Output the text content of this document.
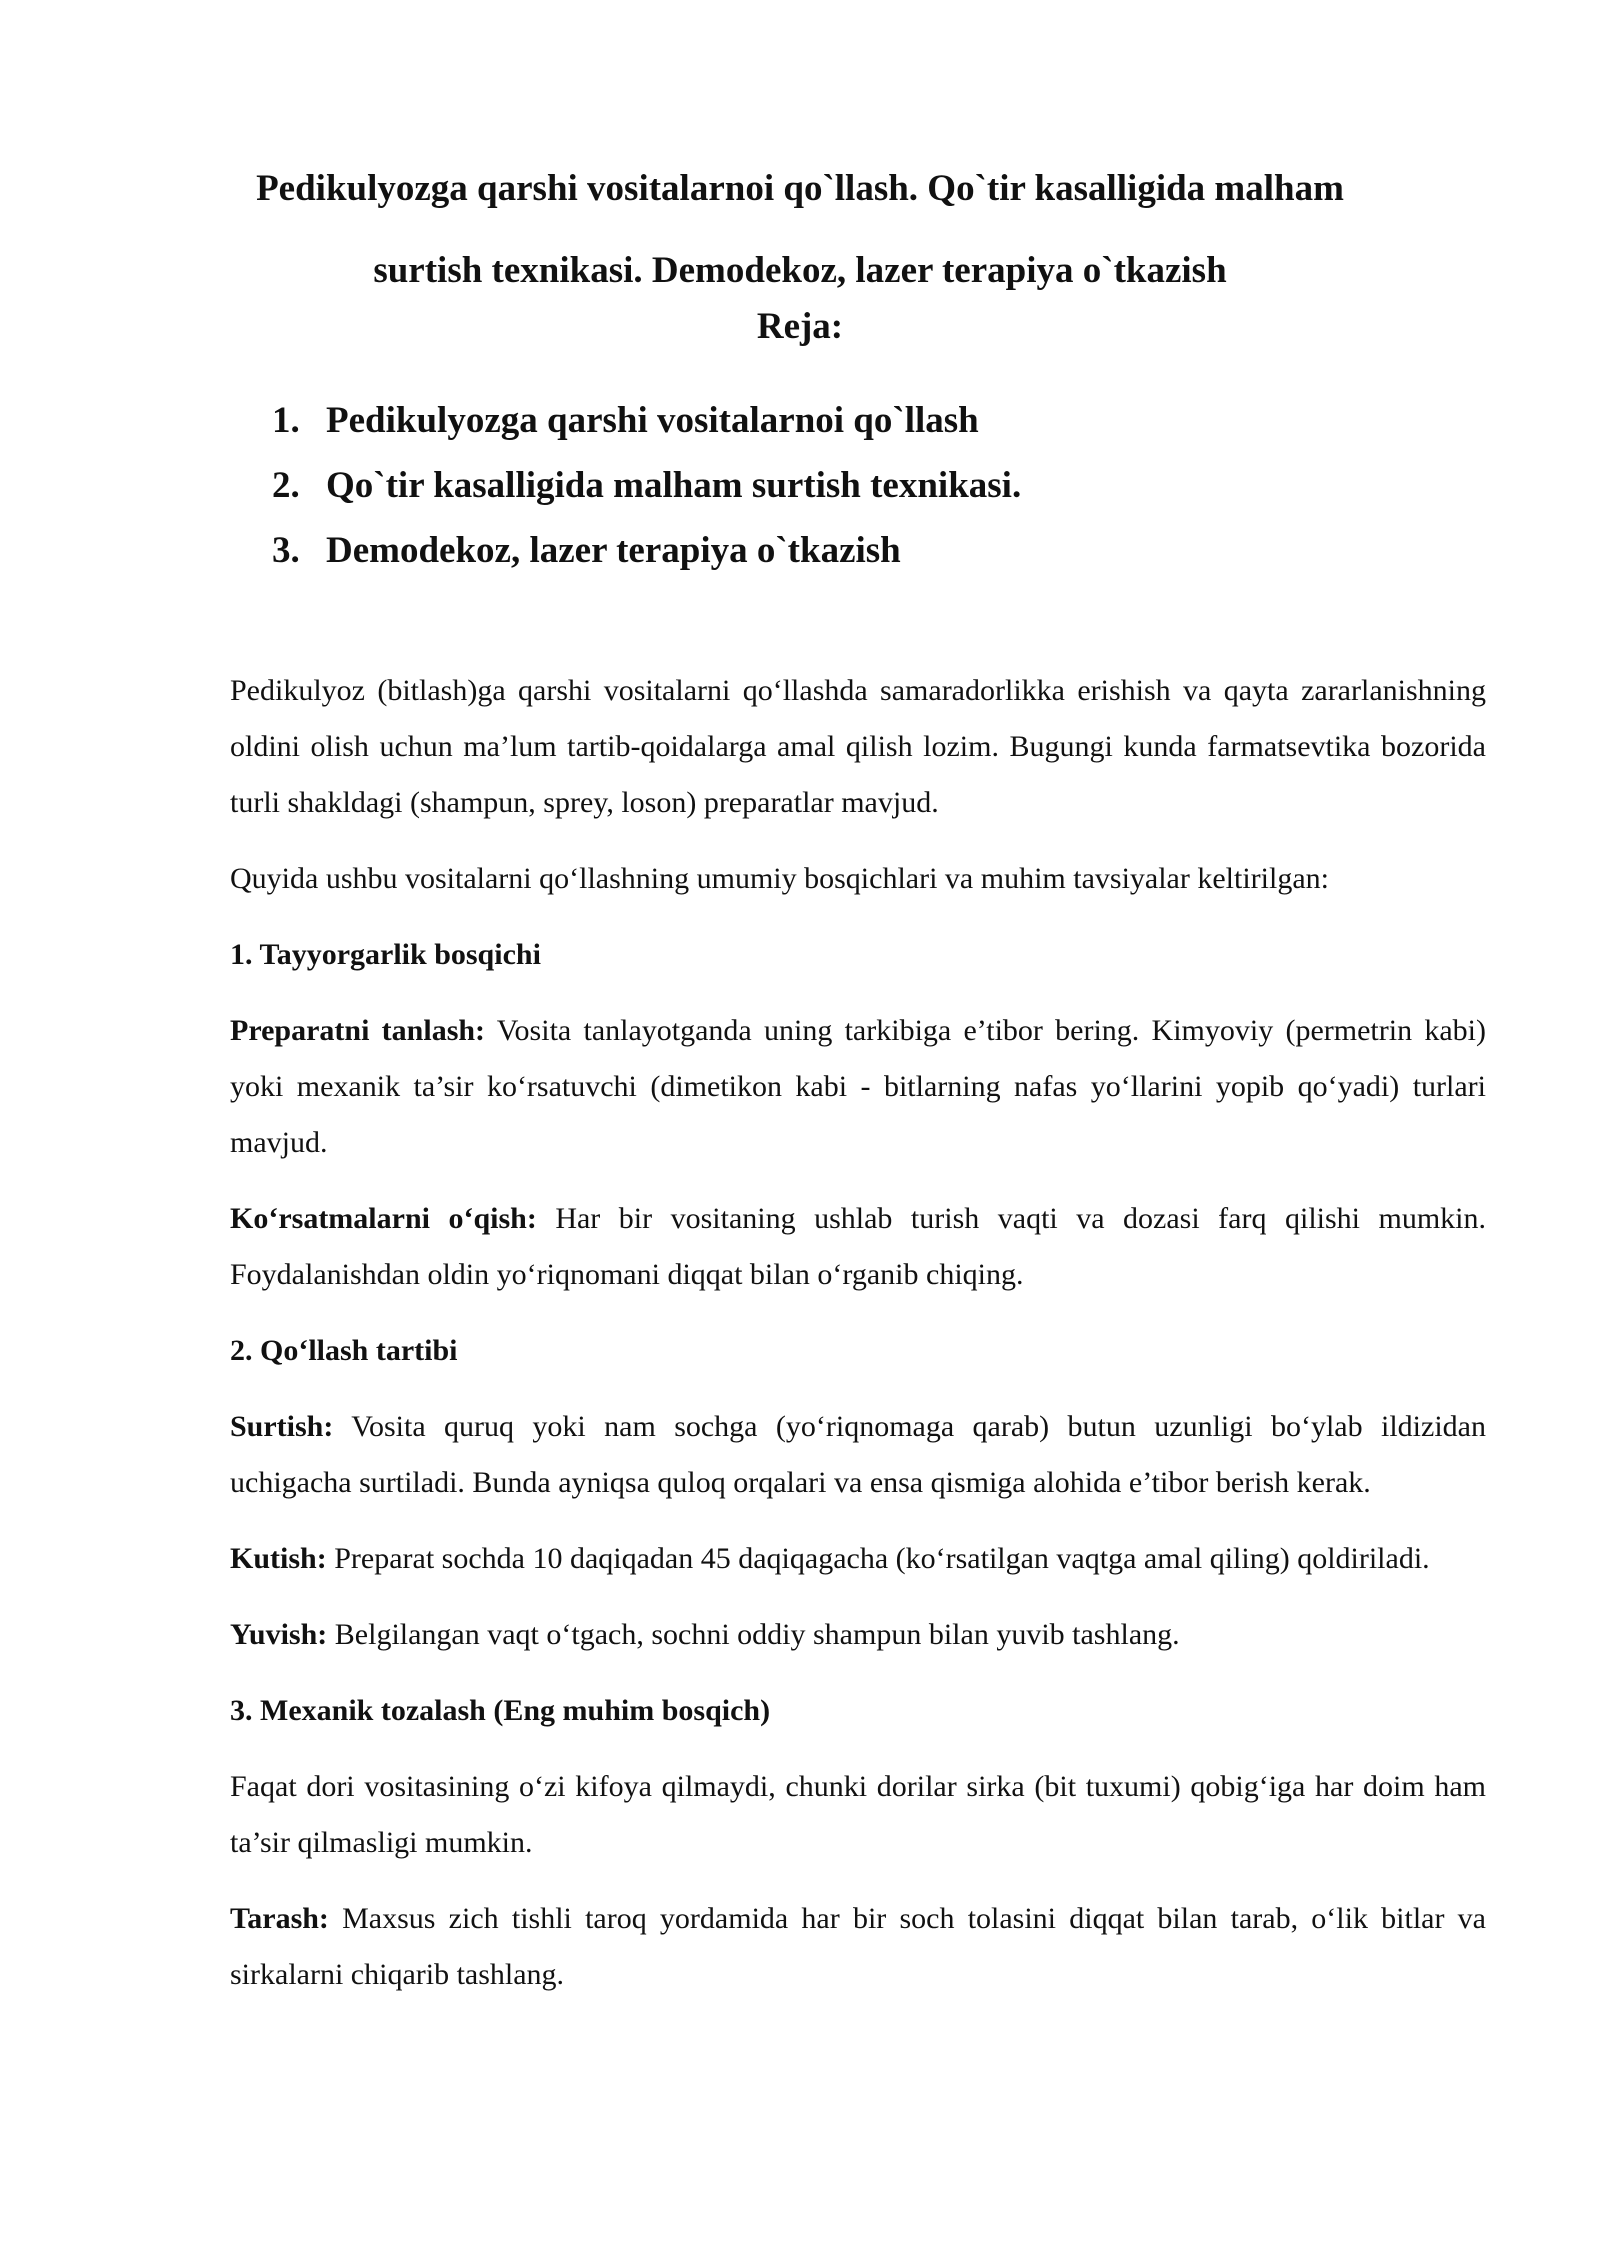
Pedikulyozga qarshi vositalarnoi qo`llash. Qo`tir kasalligida malham surtish texnikasi. Demodekoz, lazer terapiya o`tkazish
Reja:
1. Pedikulyozga qarshi vositalarnoi qo`llash
2. Qo`tir kasalligida malham surtish texnikasi.
3. Demodekoz, lazer terapiya o`tkazish

Pedikulyoz (bitlash)ga qarshi vositalarni qo‘llashda samaradorlikka erishish va qayta zararlanishning oldini olish uchun ma’lum tartib-qoidalarga amal qilish lozim. Bugungi kunda farmatsevtika bozorida turli shakldagi (shampun, sprey, loson) preparatlar mavjud.

Quyida ushbu vositalarni qo‘llashning umumiy bosqichlari va muhim tavsiyalar keltirilgan:

1. Tayyorgarlik bosqichi

Preparatni tanlash: Vosita tanlayotganda uning tarkibiga e’tibor bering. Kimyoviy (permetrin kabi) yoki mexanik ta’sir ko‘rsatuvchi (dimetikon kabi - bitlarning nafas yo‘llarini yopib qo‘yadi) turlari mavjud.

Ko‘rsatmalarni o‘qish: Har bir vositaning ushlab turish vaqti va dozasi farq qilishi mumkin. Foydalanishdan oldin yo‘riqnomani diqqat bilan o‘rganib chiqing.

2. Qo‘llash tartibi

Surtish: Vosita quruq yoki nam sochga (yo‘riqnomaga qarab) butun uzunligi bo‘ylab ildizidan uchigacha surtiladi. Bunda ayniqsa quloq orqalari va ensa qismiga alohida e’tibor berish kerak.

Kutish: Preparat sochda 10 daqiqadan 45 daqiqagacha (ko‘rsatilgan vaqtga amal qiling) qoldiriladi.

Yuvish: Belgilangan vaqt o‘tgach, sochni oddiy shampun bilan yuvib tashlang.

3. Mexanik tozalash (Eng muhim bosqich)

Faqat dori vositasining o‘zi kifoya qilmaydi, chunki dorilar sirka (bit tuxumi) qobig‘iga har doim ham ta’sir qilmasligi mumkin.

Tarash: Maxsus zich tishli taroq yordamida har bir soch tolasini diqqat bilan tarab, o‘lik bitlar va sirkalarni chiqarib tashlang.
